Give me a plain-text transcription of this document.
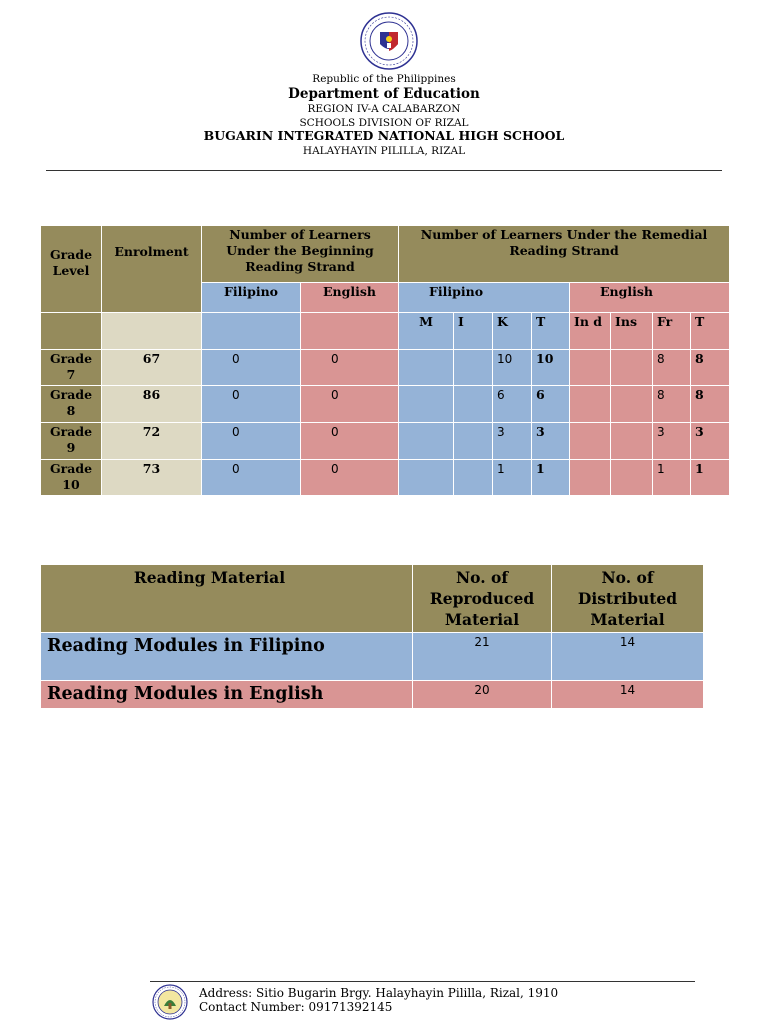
Republic of the Philippines
Department of Education
REGION IV-A CALABARZON
SCHOOLS DIVISION OF RIZAL
BUGARIN INTEGRATED NATIONAL HIGH SCHOOL
HALAYHAYIN PILILLA, RIZAL
Grade Level	Enrolment	Number of Learners Under the Beginning Reading Strand		Number of Learners Under the Remedial Reading Strand							
		Filipino	English	Filipino				English			
				M	I	K	T	In d	Ins	Fr	T
Grade 7	67	0	0			10	10			8	8
Grade 8	86	0	0			6	6			8	8
Grade 9	72	0	0			3	3			3	3
Grade 10	73	0	0			1	1			1	1
Reading Material	No. of Reproduced Material	No. of Distributed Material
Reading Modules in Filipino	21	14
Reading Modules in English	20	14
Address: Sitio Bugarin Brgy. Halayhayin Pililla, Rizal, 1910
Contact Number: 09171392145
